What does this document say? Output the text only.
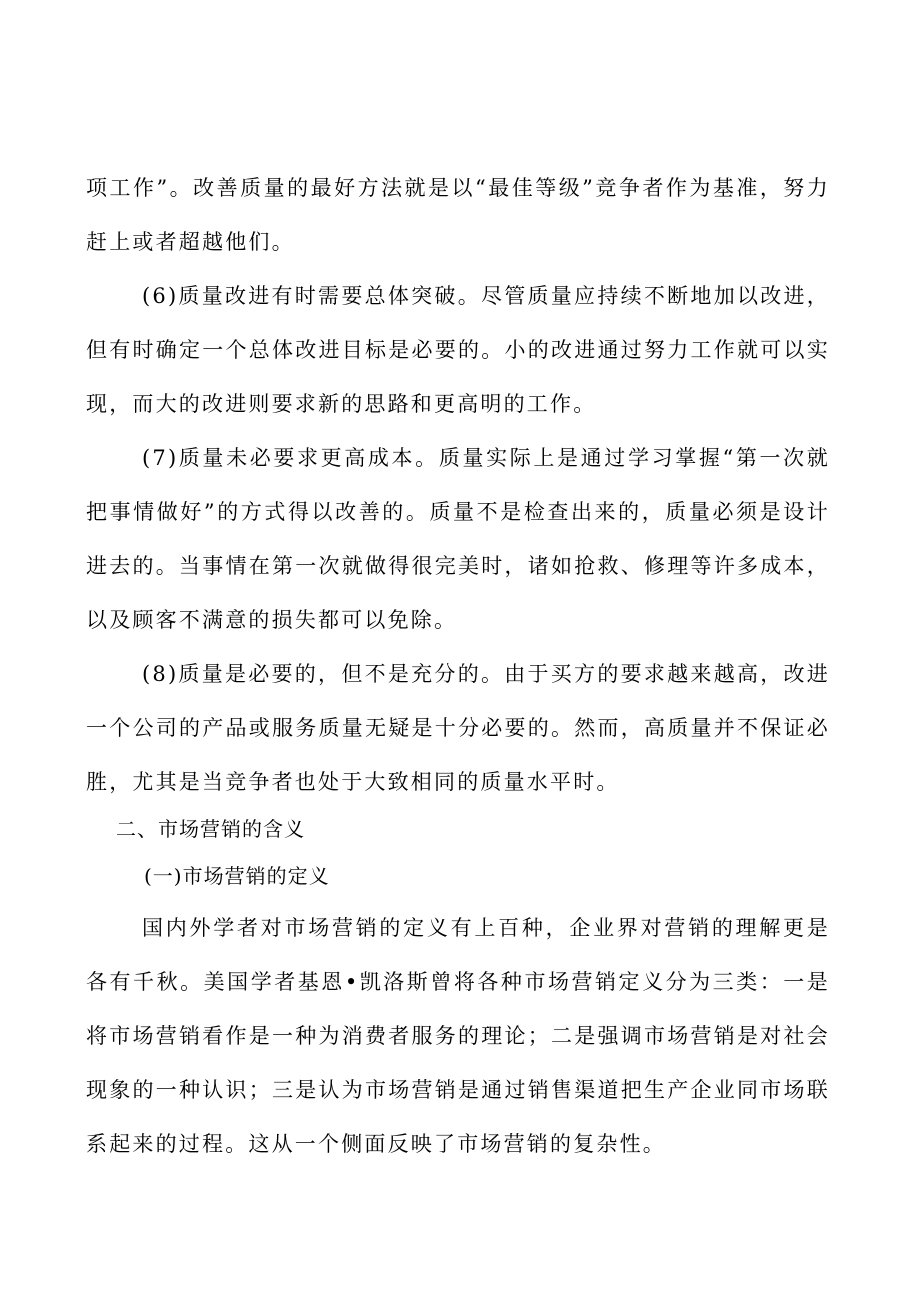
项工作”。改善质量的最好方法就是以“最佳等级”竞争者作为基准，努力赶上或者超越他们。

(6)质量改进有时需要总体突破。尽管质量应持续不断地加以改进，但有时确定一个总体改进目标是必要的。小的改进通过努力工作就可以实现，而大的改进则要求新的思路和更高明的工作。

(7)质量未必要求更高成本。质量实际上是通过学习掌握“第一次就把事情做好”的方式得以改善的。质量不是检查出来的，质量必须是设计进去的。当事情在第一次就做得很完美时，诸如抢救、修理等许多成本，以及顾客不满意的损失都可以免除。

(8)质量是必要的，但不是充分的。由于买方的要求越来越高，改进一个公司的产品或服务质量无疑是十分必要的。然而，高质量并不保证必胜，尤其是当竞争者也处于大致相同的质量水平时。

二、市场营销的含义
(一)市场营销的定义

国内外学者对市场营销的定义有上百种，企业界对营销的理解更是各有千秋。美国学者基恩•凯洛斯曾将各种市场营销定义分为三类：一是将市场营销看作是一种为消费者服务的理论；二是强调市场营销是对社会现象的一种认识；三是认为市场营销是通过销售渠道把生产企业同市场联系起来的过程。这从一个侧面反映了市场营销的复杂性。
